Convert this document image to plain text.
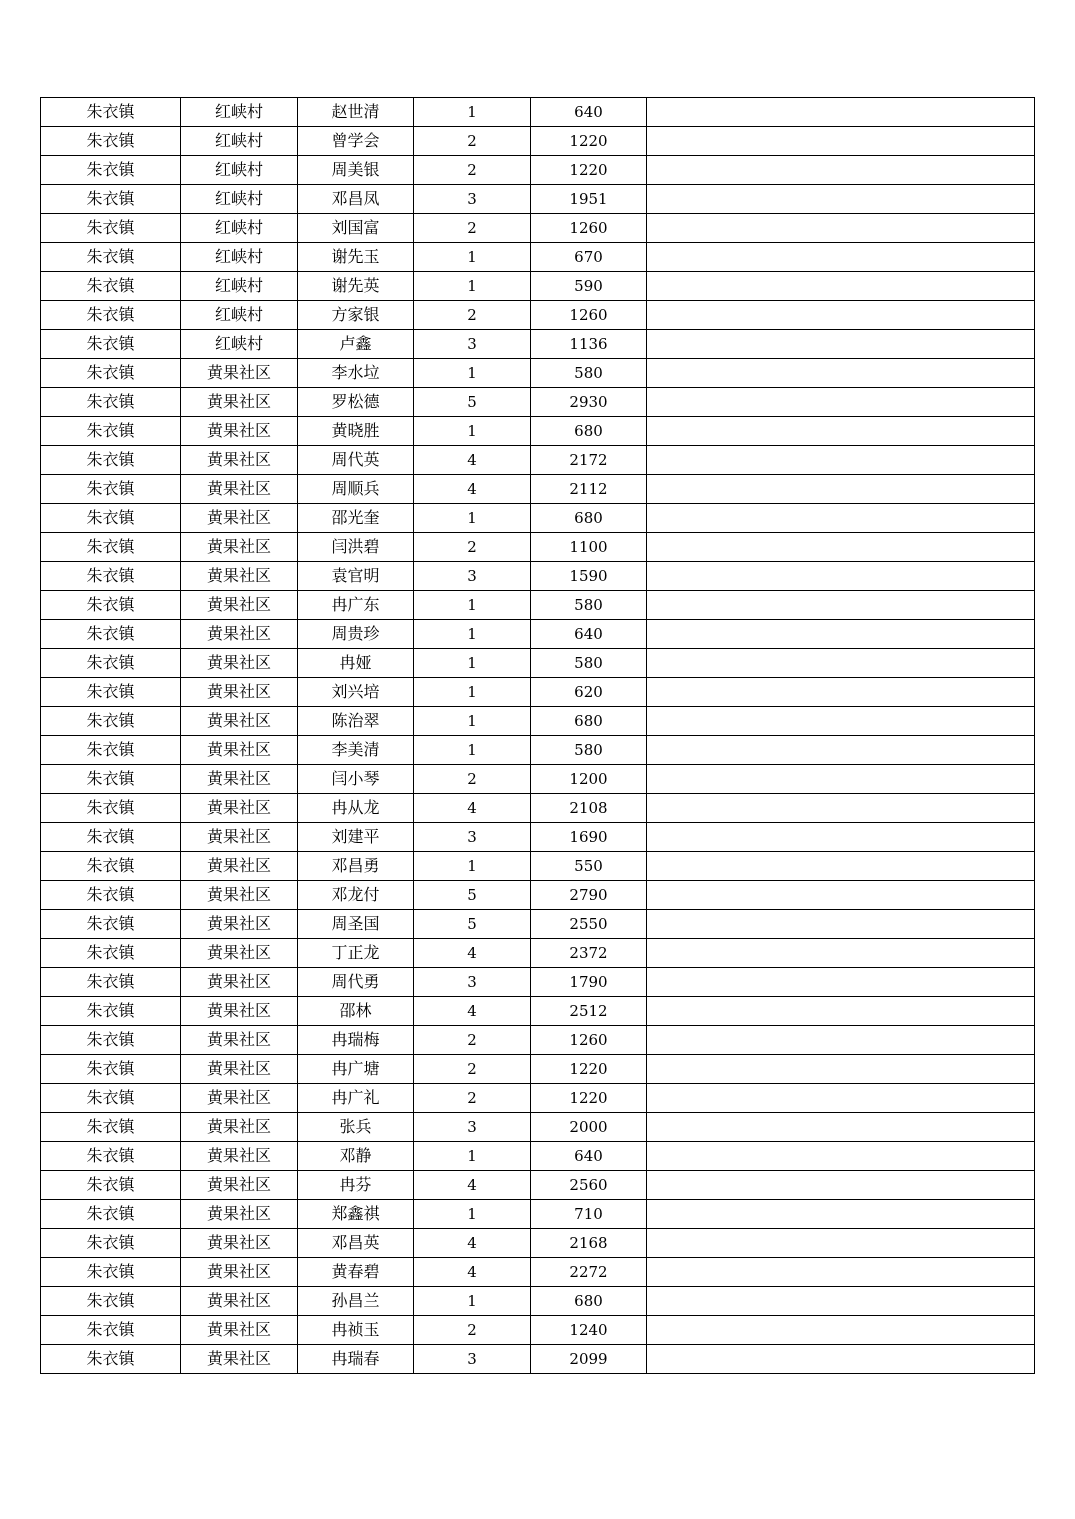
朱衣镇	红峡村	赵世清	1	640	
朱衣镇	红峡村	曾学会	2	1220	
朱衣镇	红峡村	周美银	2	1220	
朱衣镇	红峡村	邓昌凤	3	1951	
朱衣镇	红峡村	刘国富	2	1260	
朱衣镇	红峡村	谢先玉	1	670	
朱衣镇	红峡村	谢先英	1	590	
朱衣镇	红峡村	方家银	2	1260	
朱衣镇	红峡村	卢鑫	3	1136	
朱衣镇	黄果社区	李水垃	1	580	
朱衣镇	黄果社区	罗松德	5	2930	
朱衣镇	黄果社区	黄晓胜	1	680	
朱衣镇	黄果社区	周代英	4	2172	
朱衣镇	黄果社区	周顺兵	4	2112	
朱衣镇	黄果社区	邵光奎	1	680	
朱衣镇	黄果社区	闫洪碧	2	1100	
朱衣镇	黄果社区	袁官明	3	1590	
朱衣镇	黄果社区	冉广东	1	580	
朱衣镇	黄果社区	周贵珍	1	640	
朱衣镇	黄果社区	冉娅	1	580	
朱衣镇	黄果社区	刘兴培	1	620	
朱衣镇	黄果社区	陈治翠	1	680	
朱衣镇	黄果社区	李美清	1	580	
朱衣镇	黄果社区	闫小琴	2	1200	
朱衣镇	黄果社区	冉从龙	4	2108	
朱衣镇	黄果社区	刘建平	3	1690	
朱衣镇	黄果社区	邓昌勇	1	550	
朱衣镇	黄果社区	邓龙付	5	2790	
朱衣镇	黄果社区	周圣国	5	2550	
朱衣镇	黄果社区	丁正龙	4	2372	
朱衣镇	黄果社区	周代勇	3	1790	
朱衣镇	黄果社区	邵林	4	2512	
朱衣镇	黄果社区	冉瑞梅	2	1260	
朱衣镇	黄果社区	冉广塘	2	1220	
朱衣镇	黄果社区	冉广礼	2	1220	
朱衣镇	黄果社区	张兵	3	2000	
朱衣镇	黄果社区	邓静	1	640	
朱衣镇	黄果社区	冉芬	4	2560	
朱衣镇	黄果社区	郑鑫祺	1	710	
朱衣镇	黄果社区	邓昌英	4	2168	
朱衣镇	黄果社区	黄春碧	4	2272	
朱衣镇	黄果社区	孙昌兰	1	680	
朱衣镇	黄果社区	冉祯玉	2	1240	
朱衣镇	黄果社区	冉瑞春	3	2099	
